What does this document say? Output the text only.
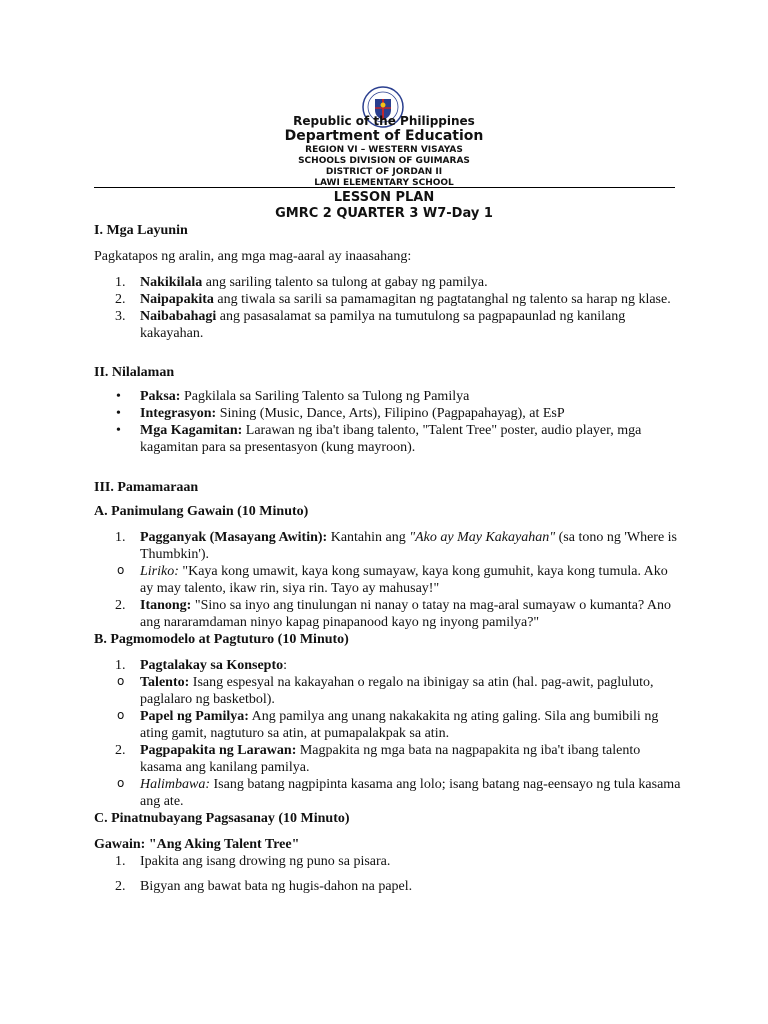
Republic of the Philippines
Department of Education
REGION VI – WESTERN VISAYAS
SCHOOLS DIVISION OF GUIMARAS
DISTRICT OF JORDAN II
LAWI ELEMENTARY SCHOOL
LESSON PLAN
GMRC 2 QUARTER 3 W7-Day 1

I. Mga Layunin

Pagkatapos ng aralin, ang mga mag-aaral ay inaasahang:

1. Nakikilala ang sariling talento sa tulong at gabay ng pamilya.
2. Naipapakita ang tiwala sa sarili sa pamamagitan ng pagtatanghal ng talento sa harap ng klase.
3. Naibabahagi ang pasasalamat sa pamilya na tumutulong sa pagpapaunlad ng kanilang kakayahan.

II. Nilalaman

• Paksa: Pagkilala sa Sariling Talento sa Tulong ng Pamilya
• Integrasyon: Sining (Music, Dance, Arts), Filipino (Pagpapahayag), at EsP
• Mga Kagamitan: Larawan ng iba't ibang talento, "Talent Tree" poster, audio player, mga kagamitan para sa presentasyon (kung mayroon).

III. Pamamaraan

A. Panimulang Gawain (10 Minuto)

1. Pagganyak (Masayang Awitin): Kantahin ang "Ako ay May Kakayahan" (sa tono ng 'Where is Thumbkin').
o Liriko: "Kaya kong umawit, kaya kong sumayaw, kaya kong gumuhit, kaya kong tumula. Ako ay may talento, ikaw rin, siya rin. Tayo ay mahusay!"
2. Itanong: "Sino sa inyo ang tinulungan ni nanay o tatay na mag-aral sumayaw o kumanta? Ano ang nararamdaman ninyo kapag pinapanood kayo ng inyong pamilya?"

B. Pagmomodelo at Pagtuturo (10 Minuto)

1. Pagtalakay sa Konsepto:
o Talento: Isang espesyal na kakayahan o regalo na ibinigay sa atin (hal. pag-awit, pagluluto, paglalaro ng basketbol).
o Papel ng Pamilya: Ang pamilya ang unang nakakakita ng ating galing. Sila ang bumibili ng ating gamit, nagtuturo sa atin, at pumapalakpak sa atin.
2. Pagpapakita ng Larawan: Magpakita ng mga bata na nagpapakita ng iba't ibang talento kasama ang kanilang pamilya.
o Halimbawa: Isang batang nagpipinta kasama ang lolo; isang batang nag-eensayo ng tula kasama ang ate.

C. Pinatnubayang Pagsasanay (10 Minuto)

Gawain: "Ang Aking Talent Tree"

1. Ipakita ang isang drowing ng puno sa pisara.
2. Bigyan ang bawat bata ng hugis-dahon na papel.
